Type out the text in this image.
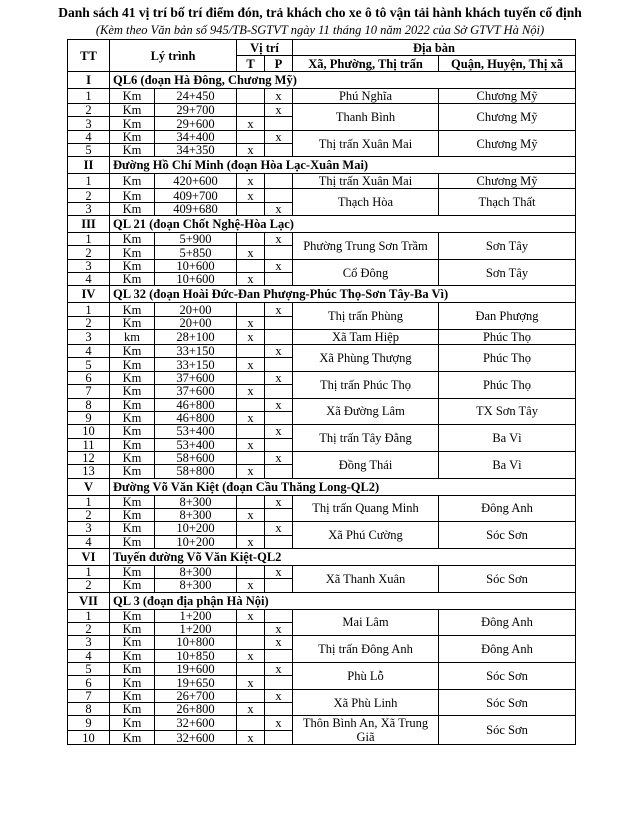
Danh sách 41 vị trí bố trí điểm đón, trả khách cho xe ô tô vận tải hành khách tuyến cố định
(Kèm theo Văn bản số 945/TB-SGTVT ngày 11 tháng 10 năm 2022 của Sở GTVT Hà Nội)
TT	Lý trình		Vị trí		Địa bàn	
			T	P	Xã, Phường, Thị trấn	Quận, Huyện, Thị xã
I	QL6 (đoạn Hà Đông, Chương Mỹ)					
1	Km	24+450		x	Phú Nghĩa	Chương Mỹ
2	Km	29+700		x	Thanh Bình	Chương Mỹ
3	Km	29+600	x			
4	Km	34+400		x	Thị trấn Xuân Mai	Chương Mỹ
5	Km	34+350	x			
II	Đường Hồ Chí Minh (đoạn Hòa Lạc-Xuân Mai)					
1	Km	420+600	x		Thị trấn Xuân Mai	Chương Mỹ
2	Km	409+700	x		Thạch Hòa	Thạch Thất
3	Km	409+680		x		
III	QL 21 (đoạn Chốt Nghệ-Hòa Lạc)					
1	Km	5+900		x	Phường Trung Sơn Trầm	Sơn Tây
2	Km	5+850	x			
3	Km	10+600		x	Cổ Đông	Sơn Tây
4	Km	10+600	x			
IV	QL 32 (đoạn Hoài Đức-Đan Phượng-Phúc Thọ-Sơn Tây-Ba Vì)					
1	Km	20+00		x	Thị trấn Phùng	Đan Phượng
2	Km	20+00	x			
3	km	28+100	x		Xã Tam Hiệp	Phúc Thọ
4	Km	33+150		x	Xã Phùng Thượng	Phúc Thọ
5	Km	33+150	x			
6	Km	37+600		x	Thị trấn Phúc Thọ	Phúc Thọ
7	Km	37+600	x			
8	Km	46+800		x	Xã Đường Lâm	TX Sơn Tây
9	Km	46+800	x			
10	Km	53+400		x	Thị trấn Tây Đằng	Ba Vì
11	Km	53+400	x			
12	Km	58+600		x	Đồng Thái	Ba Vì
13	Km	58+800	x			
V	Đường Võ Văn Kiệt (đoạn Cầu Thăng Long-QL2)					
1	Km	8+300		x	Thị trấn Quang Minh	Đông Anh
2	Km	8+300	x			
3	Km	10+200		x	Xã Phú Cường	Sóc Sơn
4	Km	10+200	x			
VI	Tuyến đường Võ Văn Kiệt-QL2					
1	Km	8+300		x	Xã Thanh Xuân	Sóc Sơn
2	Km	8+300	x			
VII	QL 3 (đoạn địa phận Hà Nội)					
1	Km	1+200	x		Mai Lâm	Đông Anh
2	Km	1+200		x		
3	Km	10+800		x	Thị trấn Đông Anh	Đông Anh
4	Km	10+850	x			
5	Km	19+600		x	Phù Lỗ	Sóc Sơn
6	Km	19+650	x			
7	Km	26+700		x	Xã Phù Linh	Sóc Sơn
8	Km	26+800	x			
9	Km	32+600		x	Thôn Bình An, Xã Trung Giã	Sóc Sơn
10	Km	32+600	x			
